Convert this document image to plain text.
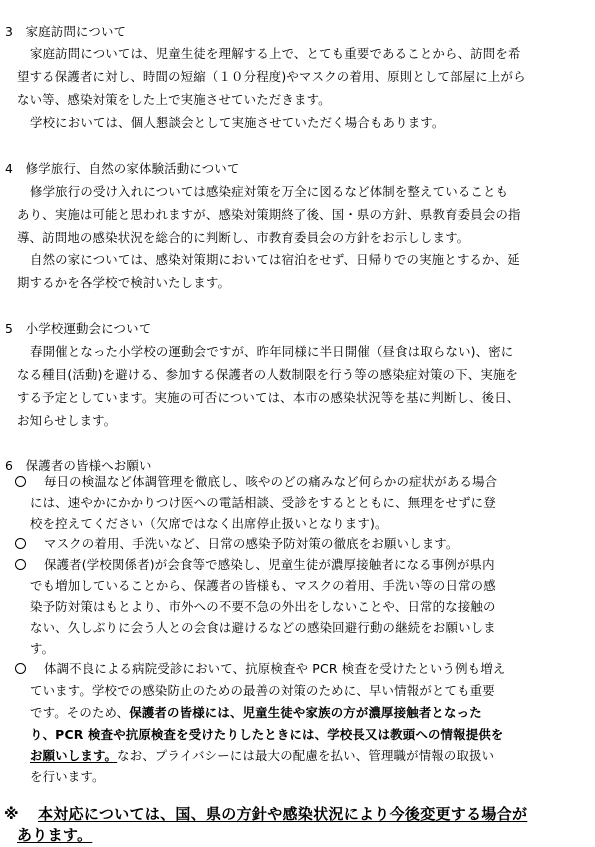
3　家庭訪問について
家庭訪問については、児童生徒を理解する上で、とても重要であることから、訪問を希
望する保護者に対し、時間の短縮（１０分程度)やマスクの着用、原則として部屋に上がら
ない等、感染対策をした上で実施させていただきます。
学校においては、個人懇談会として実施させていただく場合もあります。
4　修学旅行、自然の家体験活動について
修学旅行の受け入れについては感染症対策を万全に図るなど体制を整えていることも
あり、実施は可能と思われますが、感染対策期終了後、国・県の方針、県教育委員会の指
導、訪問地の感染状況を総合的に判断し、市教育委員会の方針をお示しします。
自然の家については、感染対策期においては宿泊をせず、日帰りでの実施とするか、延
期するかを各学校で検討いたします。
5　小学校運動会について
春開催となった小学校の運動会ですが、昨年同様に半日開催（昼食は取らない)、密に
なる種目(活動)を避ける、参加する保護者の人数制限を行う等の感染症対策の下、実施を
する予定としています。実施の可否については、本市の感染状況等を基に判断し、後日、
お知らせします。
6　保護者の皆様へお願い
毎日の検温など体調管理を徹底し、咳やのどの痛みなど何らかの症状がある場合
には、速やかにかかりつけ医への電話相談、受診をするとともに、無理をせずに登
校を控えてください（欠席ではなく出席停止扱いとなります)。
マスクの着用、手洗いなど、日常の感染予防対策の徹底をお願いします。
保護者(学校関係者)が会食等で感染し、児童生徒が濃厚接触者になる事例が県内
でも増加していることから、保護者の皆様も、マスクの着用、手洗い等の日常の感
染予防対策はもとより、市外への不要不急の外出をしないことや、日常的な接触の
ない、久しぶりに会う人との会食は避けるなどの感染回避行動の継続をお願いしま
す。
体調不良による病院受診において、抗原検査や PCR 検査を受けたという例も増え
ています。学校での感染防止のための最善の対策のために、早い情報がとても重要
です。そのため、保護者の皆様には、児童生徒や家族の方が濃厚接触者となった
り、PCR 検査や抗原検査を受けたりしたときには、学校長又は教頭への情報提供を
お願いします。なお、プライバシーには最大の配慮を払い、管理職が情報の取扱い
を行います。
※ 本対応については、国、県の方針や感染状況により今後変更する場合が
あります。
